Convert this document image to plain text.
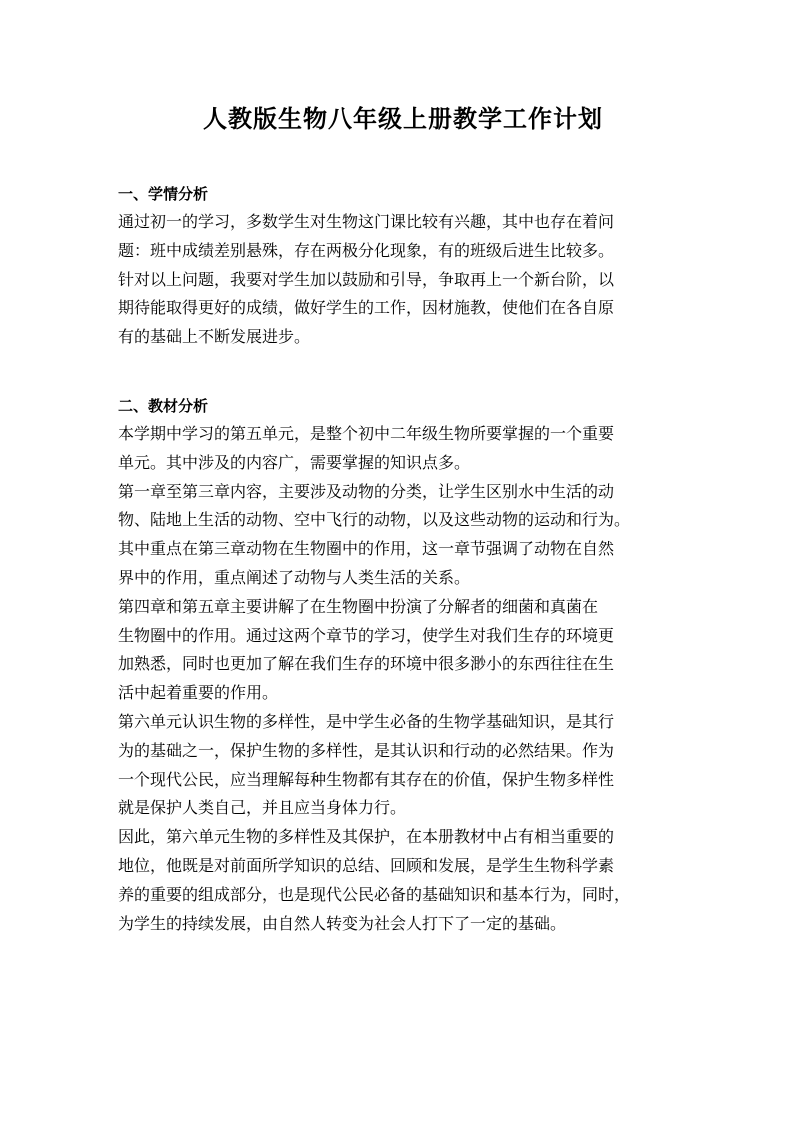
人教版生物八年级上册教学工作计划

一、学情分析

通过初一的学习，多数学生对生物这门课比较有兴趣，其中也存在着问
题：班中成绩差别悬殊，存在两极分化现象，有的班级后进生比较多。
针对以上问题，我要对学生加以鼓励和引导，争取再上一个新台阶，以
期待能取得更好的成绩，做好学生的工作，因材施教，使他们在各自原
有的基础上不断发展进步。

二、教材分析

本学期中学习的第五单元，是整个初中二年级生物所要掌握的一个重要
单元。其中涉及的内容广，需要掌握的知识点多。
第一章至第三章内容，主要涉及动物的分类，让学生区别水中生活的动
物、陆地上生活的动物、空中飞行的动物，以及这些动物的运动和行为。
其中重点在第三章动物在生物圈中的作用，这一章节强调了动物在自然
界中的作用，重点阐述了动物与人类生活的关系。
第四章和第五章主要讲解了在生物圈中扮演了分解者的细菌和真菌在
生物圈中的作用。通过这两个章节的学习，使学生对我们生存的环境更
加熟悉，同时也更加了解在我们生存的环境中很多渺小的东西往往在生
活中起着重要的作用。
第六单元认识生物的多样性，是中学生必备的生物学基础知识，是其行
为的基础之一，保护生物的多样性，是其认识和行动的必然结果。作为
一个现代公民，应当理解每种生物都有其存在的价值，保护生物多样性
就是保护人类自己，并且应当身体力行。
因此，第六单元生物的多样性及其保护，在本册教材中占有相当重要的
地位，他既是对前面所学知识的总结、回顾和发展，是学生生物科学素
养的重要的组成部分，也是现代公民必备的基础知识和基本行为，同时，
为学生的持续发展，由自然人转变为社会人打下了一定的基础。
